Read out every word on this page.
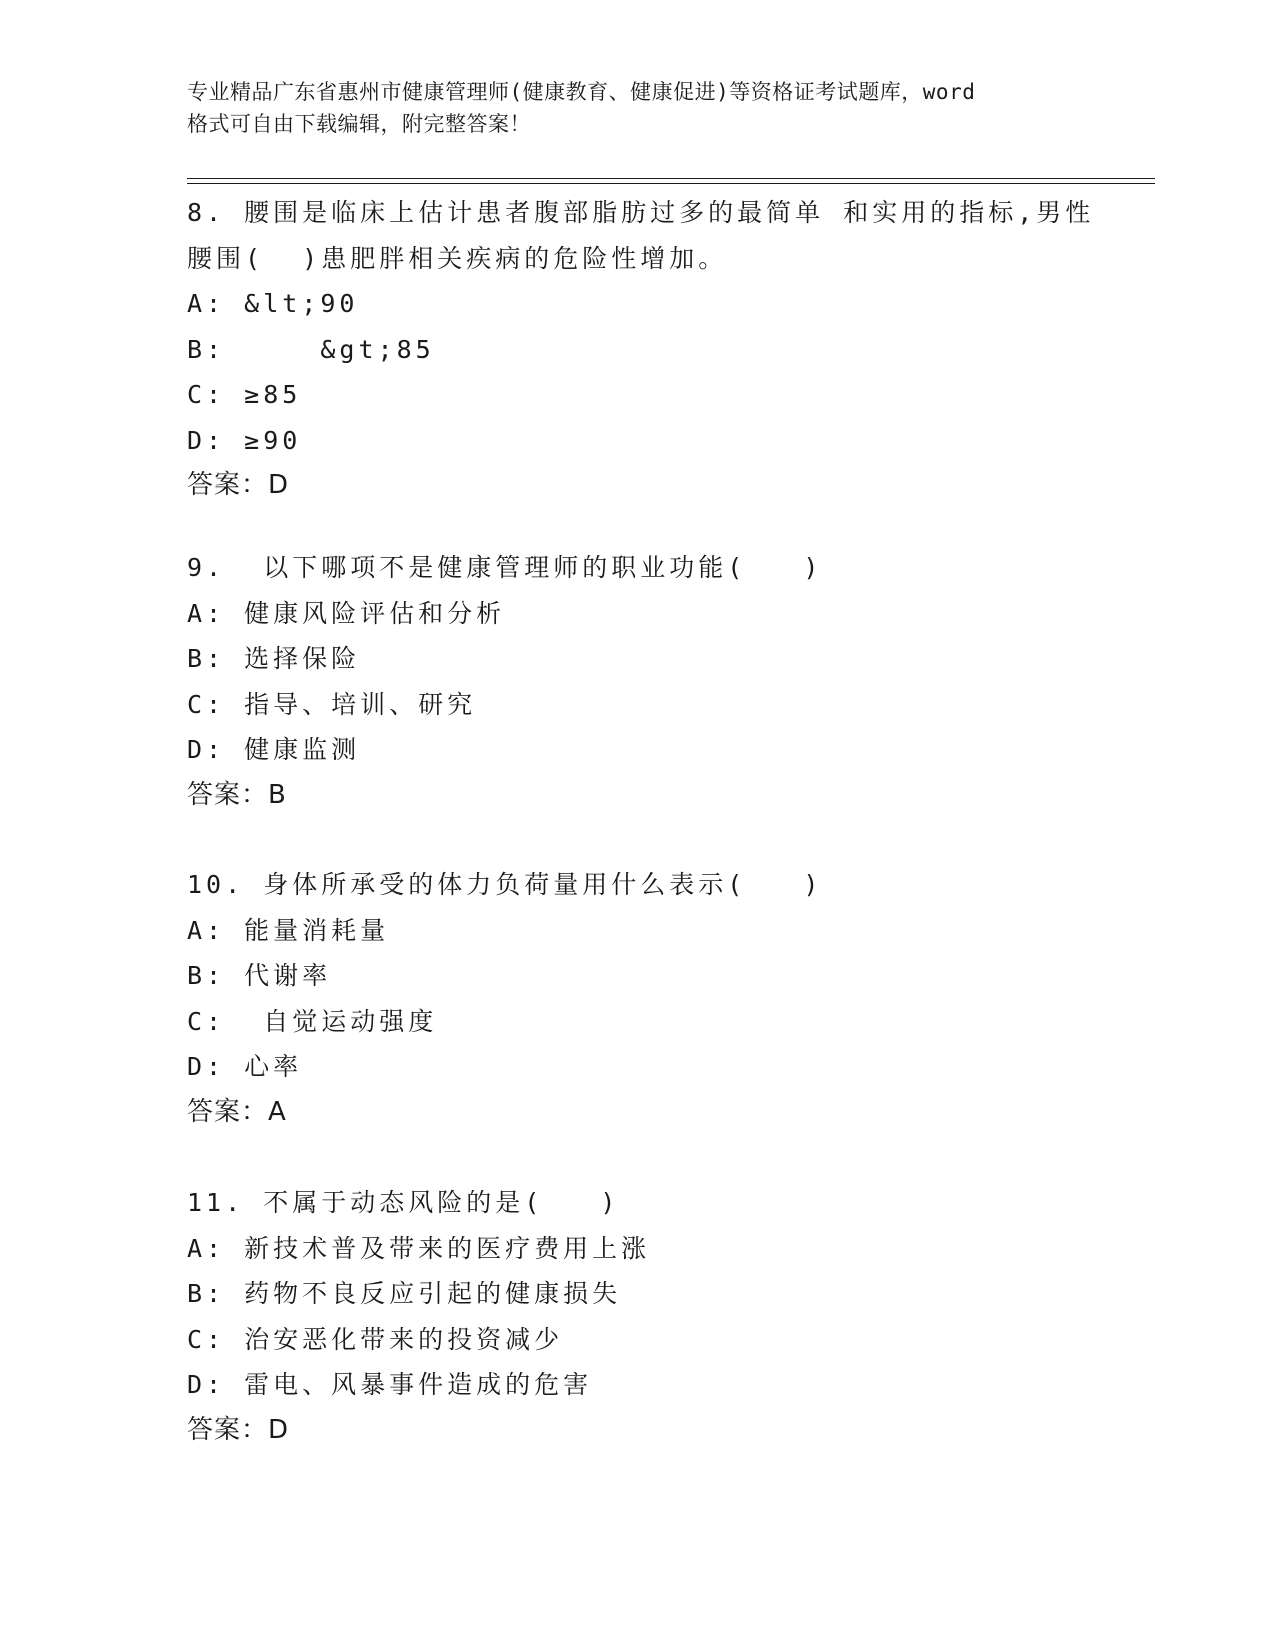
专业精品广东省惠州市健康管理师(健康教育、健康促进)等资格证考试题库，word
格式可自由下载编辑，附完整答案！

8. 腰围是临床上估计患者腹部脂肪过多的最简单 和实用的指标,男性

腰围(  )患肥胖相关疾病的危险性增加。

A: &lt;90

B:     &gt;85

C: ≥85

D: ≥90

答案：D

9.  以下哪项不是健康管理师的职业功能(   )

A: 健康风险评估和分析

B: 选择保险

C: 指导、培训、研究

D: 健康监测

答案：B

10. 身体所承受的体力负荷量用什么表示(   )

A: 能量消耗量

B: 代谢率

C:  自觉运动强度

D: 心率

答案：A

11. 不属于动态风险的是(   )

A: 新技术普及带来的医疗费用上涨

B: 药物不良反应引起的健康损失

C: 治安恶化带来的投资减少

D: 雷电、风暴事件造成的危害

答案：D
